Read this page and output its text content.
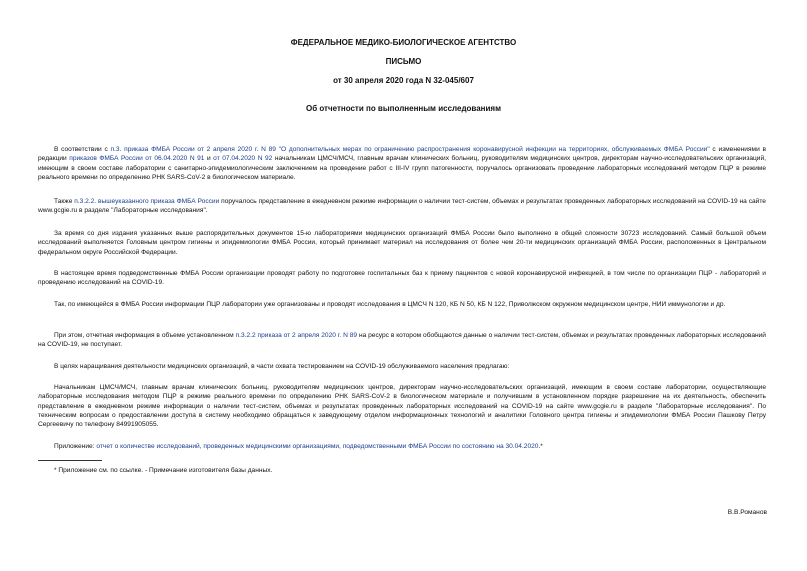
ФЕДЕРАЛЬНОЕ МЕДИКО-БИОЛОГИЧЕСКОЕ АГЕНТСТВО
ПИСЬМО
от 30 апреля 2020 года N 32-045/607
Об отчетности по выполненным исследованиям

В соответствии с п.3. приказа ФМБА России от 2 апреля 2020 г. N 89 "О дополнительных мерах по ограничению распространения коронавирусной инфекции на территориях, обслуживаемых ФМБА России" с изменениями в редакции приказов ФМБА России от 06.04.2020 N 91 и от 07.04.2020 N 92 начальникам ЦМСЧ/МСЧ, главным врачам клинических больниц, руководителям медицинских центров, директорам научно-исследовательских организаций, имеющим в своем составе лаборатории с санитарно-эпидемиологическим заключением на проведение работ с III-IV групп патогенности, поручалось организовать проведение лабораторных исследований методом ПЦР в режиме реального времени по определению РНК SARS-CoV-2 в биологическом материале.

Также п.3.2.2. вышеуказанного приказа ФМБА России поручалось представление в ежедневном режиме информации о наличии тест-систем, объемах и результатах проведенных лабораторных исследований на COVID-19 на сайте www.gcgie.ru в разделе "Лабораторные исследования".

За время со дня издания указанных выше распорядительных документов 15-ю лабораториями медицинских организаций ФМБА России было выполнено в общей сложности 30723 исследований. Самый большой объем исследований выполняется Головным центром гигиены и эпидемиологии ФМБА России, который принимает материал на исследования от более чем 20-ти медицинских организаций ФМБА России, расположенных в Центральном федеральном округе Российской Федерации.

В настоящее время подведомственные ФМБА России организации проводят работу по подготовке госпитальных баз к приему пациентов с новой коронавирусной инфекцией, в том числе по организации ПЦР - лабораторий и проведению исследований на COVID-19.

Так, по имеющейся в ФМБА России информации ПЦР лаборатории уже организованы и проводят исследования в ЦМСЧ N 120, КБ N 50, КБ N 122, Приволжском окружном медицинском центре, НИИ иммунологии и др.

При этом, отчетная информация в объеме установленном п.3.2.2 приказа от 2 апреля 2020 г. N 89 на ресурс в котором обобщаются данные о наличии тест-систем, объемах и результатах проведенных лабораторных исследований на COVID-19, не поступает.

В целях наращивания деятельности медицинских организаций, в части охвата тестированием на COVID-19 обслуживаемого населения предлагаю:

Начальникам ЦМСЧ/МСЧ, главным врачам клинических больниц, руководителям медицинских центров, директорам научно-исследовательских организаций, имеющим в своем составе лаборатории, осуществляющие лабораторные исследования методом ПЦР в режиме реального времени по определению РНК SARS-CoV-2 в биологическом материале и получившим в установленном порядке разрешение на их деятельность, обеспечить представление в ежедневном режиме информации о наличии тест-систем, объемах и результатах проведенных лабораторных исследований на COVID-19 на сайте www.gcgie.ru в разделе "Лабораторные исследования". По техническим вопросам о предоставлении доступа в систему необходимо обращаться к заведующему отделом информационных технологий и аналитики Головного центра гигиены и эпидемиологии ФМБА России Пашкову Петру Сергеевичу по телефону 84991905055.

Приложение: отчет о количестве исследований, проведенных медицинскими организациями, подведомственными ФМБА России по состоянию на 30.04.2020.*

* Приложение см. по ссылке. - Примечание изготовителя базы данных.

В.В.Романов
